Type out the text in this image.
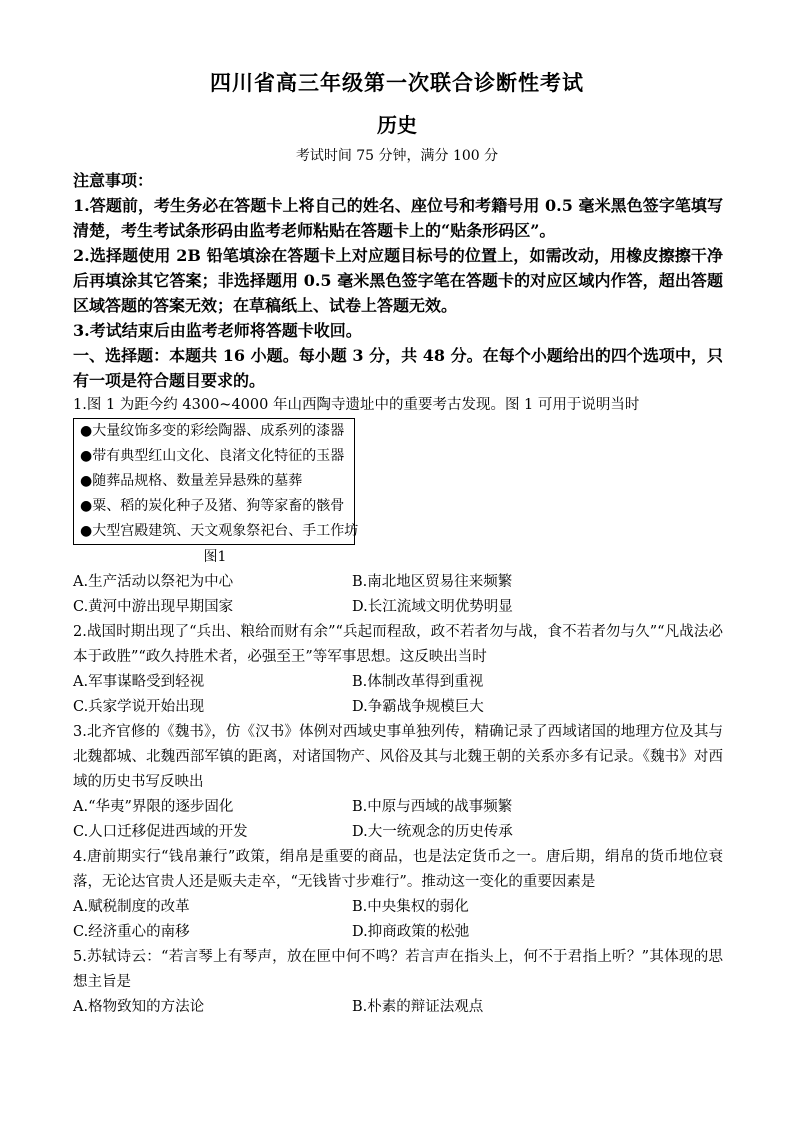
四川省高三年级第一次联合诊断性考试
历史
考试时间 75 分钟，满分 100 分

注意事项：

1.答题前，考生务必在答题卡上将自己的姓名、座位号和考籍号用 0.5 毫米黑色签字笔填写清楚，考生考试条形码由监考老师粘贴在答题卡上的“贴条形码区”。

2.选择题使用 2B 铅笔填涂在答题卡上对应题目标号的位置上，如需改动，用橡皮擦擦干净后再填涂其它答案；非选择题用 0.5 毫米黑色签字笔在答题卡的对应区域内作答，超出答题区域答题的答案无效；在草稿纸上、试卷上答题无效。

3.考试结束后由监考老师将答题卡收回。

一、选择题：本题共 16 小题。每小题 3 分，共 48 分。在每个小题给出的四个选项中，只有一项是符合题目要求的。

1.图 1 为距今约 4300~4000 年山西陶寺遗址中的重要考古发现。图 1 可用于说明当时

●大量纹饰多变的彩绘陶器、成系列的漆器
●带有典型红山文化、良渚文化特征的玉器
●随葬品规格、数量差异悬殊的墓葬
●粟、稻的炭化种子及猪、狗等家畜的骸骨
●大型宫殿建筑、天文观象祭祀台、手工作坊
图1
A.生产活动以祭祀为中心	B.南北地区贸易往来频繁
C.黄河中游出现早期国家	D.长江流域文明优势明显

2.战国时期出现了“兵出、粮给而财有余”“兵起而程敌，政不若者勿与战，食不若者勿与久”“凡战法必本于政胜”“政久持胜术者，必强至王”等军事思想。这反映出当时

A.军事谋略受到轻视	B.体制改革得到重视
C.兵家学说开始出现	D.争霸战争规模巨大

3.北齐官修的《魏书》，仿《汉书》体例对西域史事单独列传，精确记录了西域诸国的地理方位及其与北魏都城、北魏西部军镇的距离，对诸国物产、风俗及其与北魏王朝的关系亦多有记录。《魏书》对西域的历史书写反映出

A.“华夷”界限的逐步固化	B.中原与西域的战事频繁
C.人口迁移促进西域的开发	D.大一统观念的历史传承

4.唐前期实行“钱帛兼行”政策，绢帛是重要的商品，也是法定货币之一。唐后期，绢帛的货币地位衰落，无论达官贵人还是贩夫走卒，“无钱皆寸步难行”。推动这一变化的重要因素是

A.赋税制度的改革	B.中央集权的弱化
C.经济重心的南移	D.抑商政策的松弛

5.苏轼诗云：“若言琴上有琴声，放在匣中何不鸣？若言声在指头上，何不于君指上听？”其体现的思想主旨是

A.格物致知的方法论	B.朴素的辩证法观点
